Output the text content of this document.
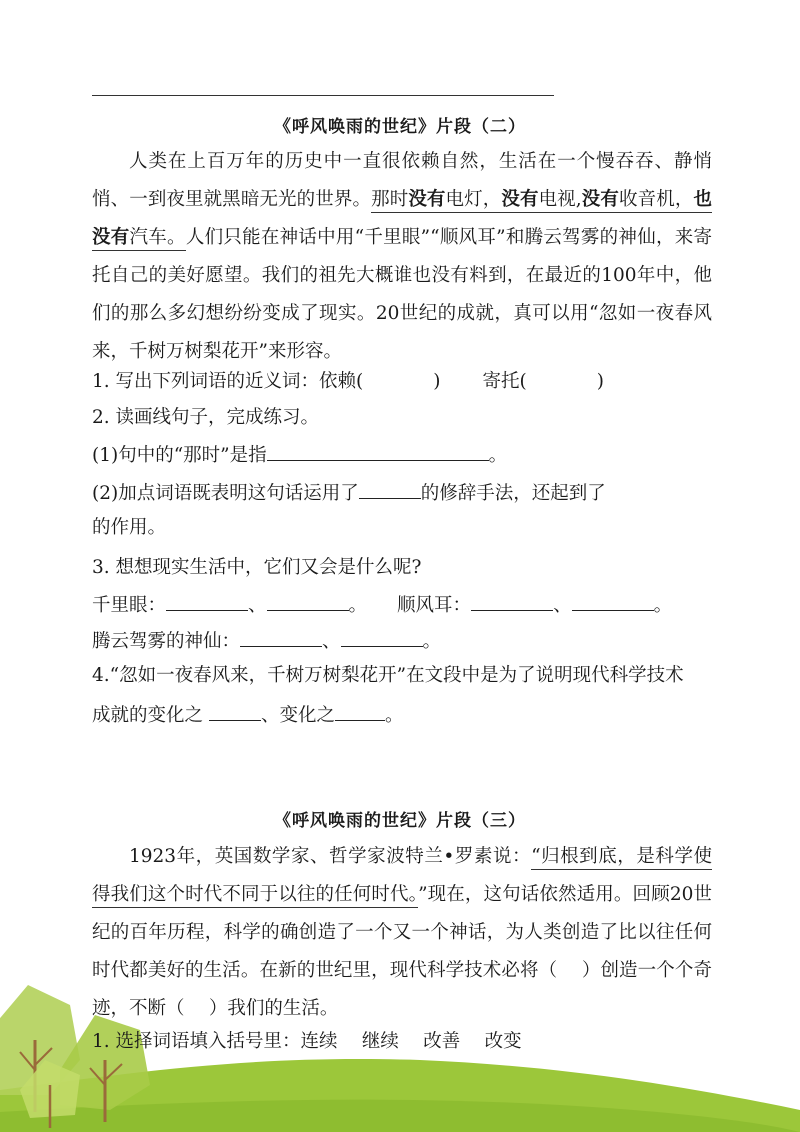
《呼风唤雨的世纪》片段（二）
人类在上百万年的历史中一直很依赖自然，生活在一个慢吞吞、静悄悄、一到夜里就黑暗无光的世界。那时没有电灯，没有电视,没有收音机，也没有汽车。人们只能在神话中用“千里眼”“顺风耳”和腾云驾雾的神仙，来寄托自己的美好愿望。我们的祖先大概谁也没有料到，在最近的100年中，他们的那么多幻想纷纷变成了现实。20世纪的成就，真可以用“忽如一夜春风来，千树万树梨花开”来形容。
1. 写出下列词语的近义词：依赖(	) 寄托(	)
2. 读画线句子，完成练习。
(1)句中的“那时”是指	。
(2)加点词语既表明这句话运用了	的修辞手法，还起到了
的作用。
3. 想想现实生活中，它们又会是什么呢?
千里眼：	、	。 顺风耳：	、	。
腾云驾雾的神仙：	、	。
4.“忽如一夜春风来，千树万树梨花开”在文段中是为了说明现代科学技术
成就的变化之	、变化之	。
《呼风唤雨的世纪》片段（三）
1923年，英国数学家、哲学家波特兰•罗素说：“归根到底，是科学使得我们这个时代不同于以往的任何时代。”现在，这句话依然适用。回顾20世纪的百年历程，科学的确创造了一个又一个神话，为人类创造了比以往任何时代都美好的生活。在新的世纪里，现代科学技术必将（　 ）创造一个个奇迹，不断（　 ）我们的生活。
1. 选择词语填入括号里：连续　 继续　 改善　 改变
